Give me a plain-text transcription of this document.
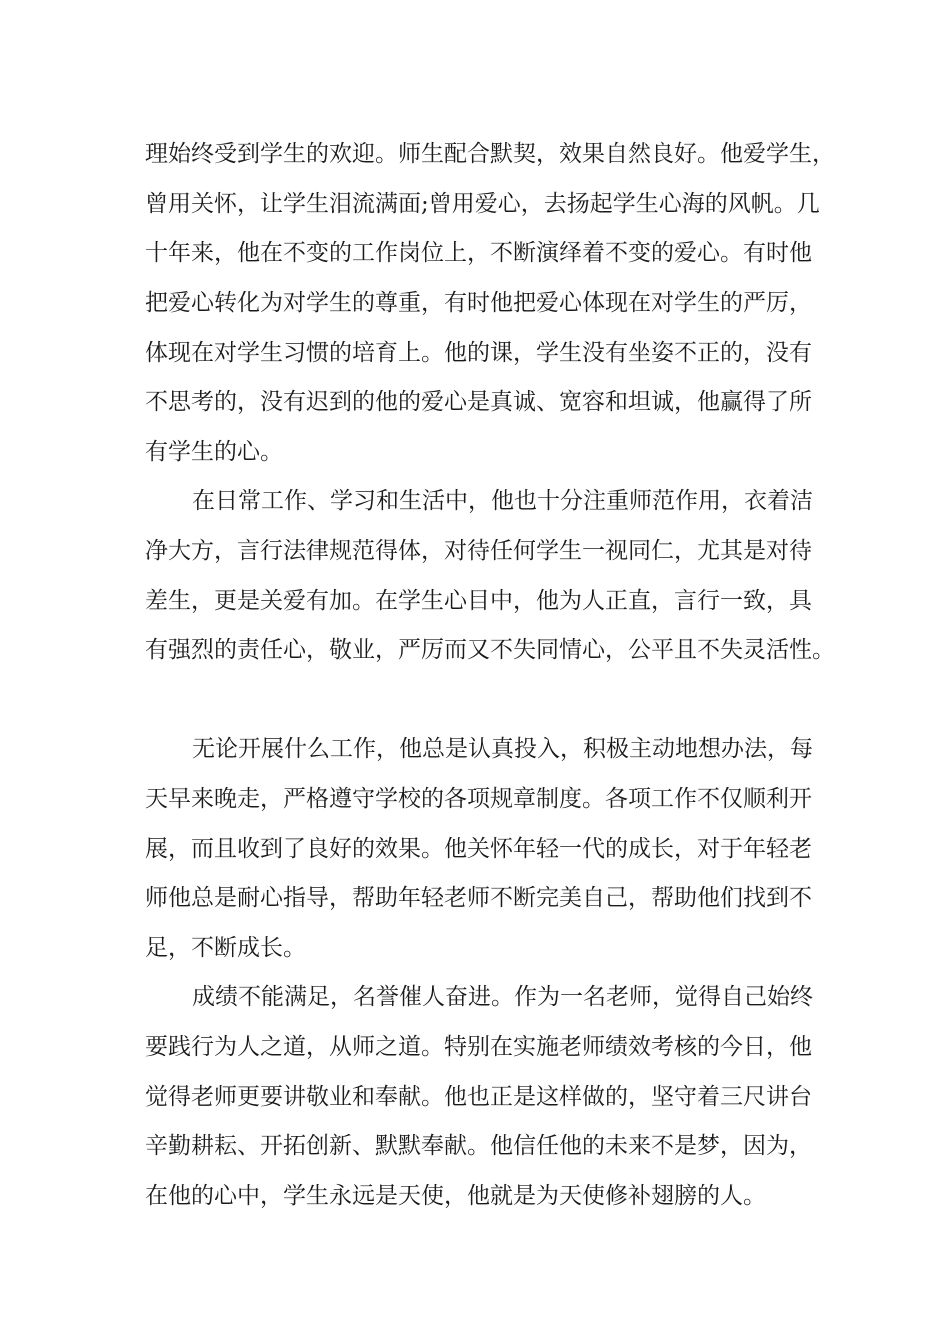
理始终受到学生的欢迎。师生配合默契，效果自然良好。他爱学生，

曾用关怀，让学生泪流满面;曾用爱心，去扬起学生心海的风帆。几

十年来，他在不变的工作岗位上，不断演绎着不变的爱心。有时他

把爱心转化为对学生的尊重，有时他把爱心体现在对学生的严厉，

体现在对学生习惯的培育上。他的课，学生没有坐姿不正的，没有

不思考的，没有迟到的他的爱心是真诚、宽容和坦诚，他赢得了所

有学生的心。

在日常工作、学习和生活中，他也十分注重师范作用，衣着洁

净大方，言行法律规范得体，对待任何学生一视同仁，尤其是对待

差生，更是关爱有加。在学生心目中，他为人正直，言行一致，具

有强烈的责任心，敬业，严厉而又不失同情心，公平且不失灵活性。

无论开展什么工作，他总是认真投入，积极主动地想办法，每

天早来晚走，严格遵守学校的各项规章制度。各项工作不仅顺利开

展，而且收到了良好的效果。他关怀年轻一代的成长，对于年轻老

师他总是耐心指导，帮助年轻老师不断完美自己，帮助他们找到不

足，不断成长。

成绩不能满足，名誉催人奋进。作为一名老师，觉得自己始终

要践行为人之道，从师之道。特别在实施老师绩效考核的今日，他

觉得老师更要讲敬业和奉献。他也正是这样做的，坚守着三尺讲台

辛勤耕耘、开拓创新、默默奉献。他信任他的未来不是梦，因为，

在他的心中，学生永远是天使，他就是为天使修补翅膀的人。
